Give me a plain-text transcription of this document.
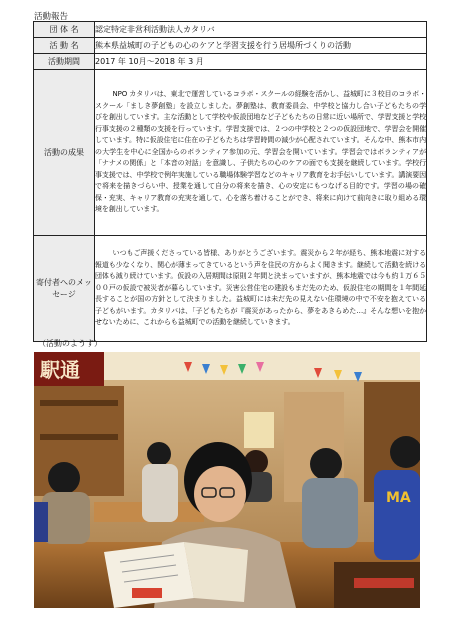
活動報告
団 体 名	認定特定非営利活動法人カタリバ
活 動 名	熊本県益城町の子どもの心のケアと学習支援を行う居場所づくりの活動
活動期間	2017 年 10月～2018 年 3 月
活動の成果	NPO カタリバは、東北で運営しているコラボ・スクールの経験を活かし、益城町に３校目のコラボ・スクール「ましき夢創塾」を設立しました。夢創塾は、教育委員会、中学校と協力し合い子どもたちの学びを創出しています。主な活動として学校や仮設団地など子どもたちの日常に近い場所で、学習支援と学校行事支援の２種類の支援を行っています。学習支援では、２つの中学校と２つの仮設団地で、学習会を開催しています。特に仮設住宅に住在の子どもたちは学習時間の減少が心配されています。そんな中、熊本市内の大学生を中心に全国からのボランティア参加の元、学習会を開いています。学習会ではボランティアが「ナナメの関係」と「本音の対話」を意識し、子供たちの心のケアの面でも支援を継続しています。学校行事支援では、中学校で例年実施している職場体験学習などのキャリア教育をお手伝いしています。講演要因で将来を描きづらい中、授業を通して自分の将来を描き、心の安定にもつなげる目的です。学習の場の確保・充実、キャリア教育の充実を通して、心を落ち着けることができ、将来に向けて前向きに取り組める環境を創出しています。

寄付者へのメッセージ	いつもご声援くださっている皆様、ありがとうございます。震災から２年が経ち、熊本地震に対する報道も少なくなり、関心が薄まってきているという声を住民の方からよく聞きます。継続して活動を続ける団体も減り続けています。仮設の入居期間は原則２年間と決まっていますが、熊本地震では今も約１万６５００戸の仮設で被災者が暮らしています。災害公営住宅の建設もまだ先のため、仮設住宅の期間を１年間延長することが国の方針として決まりました。益城町には未だ先の見えない住環境の中で不安を抱えている子どもがいます。カタリバは、「子どもたちが『震災があったから、夢をあきらめた…』そんな想いを抱かせないために、これからも益城町での活動を継続していきます。

（活動のようす）
駅通
MA
